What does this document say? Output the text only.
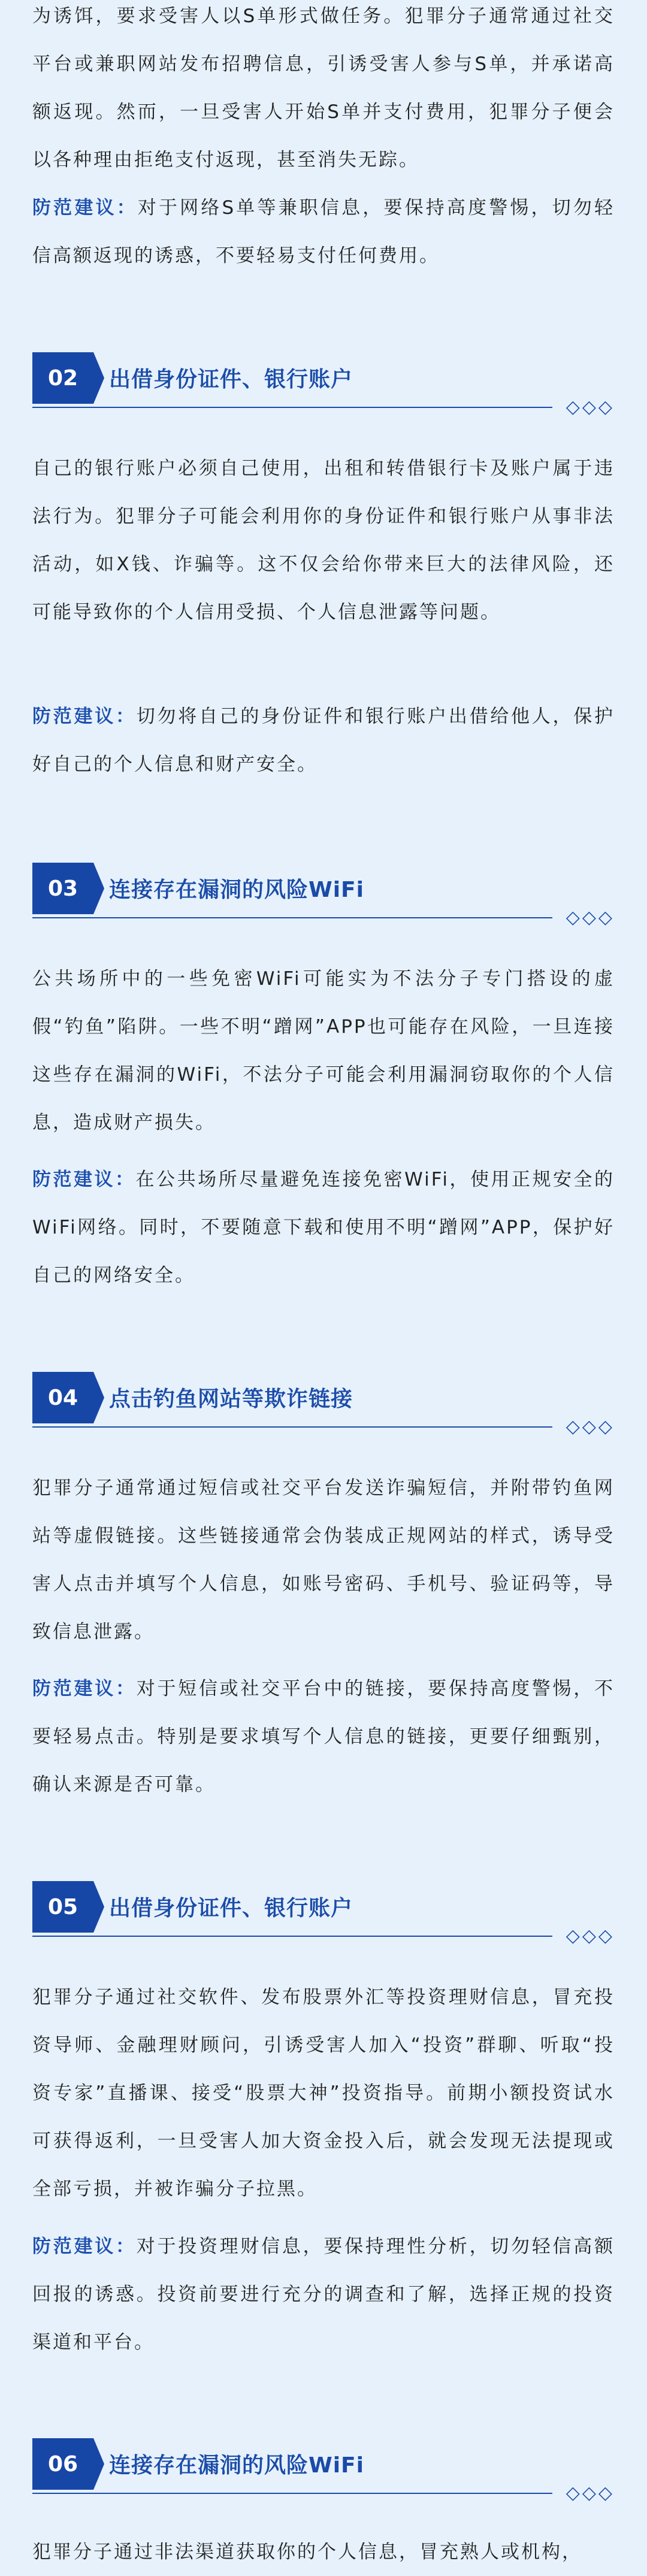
为诱饵，要求受害人以S单形式做任务。犯罪分子通常通过社交平台或兼职网站发布招聘信息，引诱受害人参与S单，并承诺高额返现。然而，一旦受害人开始S单并支付费用，犯罪分子便会以各种理由拒绝支付返现，甚至消失无踪。

防范建议：对于网络S单等兼职信息，要保持高度警惕，切勿轻信高额返现的诱惑，不要轻易支付任何费用。

02	出借身份证件、银行账户
◇◇◇

自己的银行账户必须自己使用，出租和转借银行卡及账户属于违法行为。犯罪分子可能会利用你的身份证件和银行账户从事非法活动，如X钱、诈骗等。这不仅会给你带来巨大的法律风险，还可能导致你的个人信用受损、个人信息泄露等问题。

防范建议：切勿将自己的身份证件和银行账户出借给他人，保护好自己的个人信息和财产安全。

03	连接存在漏洞的风险WiFi
◇◇◇

公共场所中的一些免密WiFi可能实为不法分子专门搭设的虚假“钓鱼”陷阱。一些不明“蹭网”APP也可能存在风险，一旦连接这些存在漏洞的WiFi，不法分子可能会利用漏洞窃取你的个人信息，造成财产损失。

防范建议：在公共场所尽量避免连接免密WiFi，使用正规安全的WiFi网络。同时，不要随意下载和使用不明“蹭网”APP，保护好自己的网络安全。

04	点击钓鱼网站等欺诈链接
◇◇◇

犯罪分子通常通过短信或社交平台发送诈骗短信，并附带钓鱼网站等虚假链接。这些链接通常会伪装成正规网站的样式，诱导受害人点击并填写个人信息，如账号密码、手机号、验证码等，导致信息泄露。

防范建议：对于短信或社交平台中的链接，要保持高度警惕，不要轻易点击。特别是要求填写个人信息的链接，更要仔细甄别，确认来源是否可靠。

05	出借身份证件、银行账户
◇◇◇

犯罪分子通过社交软件、发布股票外汇等投资理财信息，冒充投资导师、金融理财顾问，引诱受害人加入“投资”群聊、听取“投资专家”直播课、接受“股票大神”投资指导。前期小额投资试水可获得返利，一旦受害人加大资金投入后，就会发现无法提现或全部亏损，并被诈骗分子拉黑。

防范建议：对于投资理财信息，要保持理性分析，切勿轻信高额回报的诱惑。投资前要进行充分的调查和了解，选择正规的投资渠道和平台。

06	连接存在漏洞的风险WiFi
◇◇◇

犯罪分子通过非法渠道获取你的个人信息，冒充熟人或机构，
